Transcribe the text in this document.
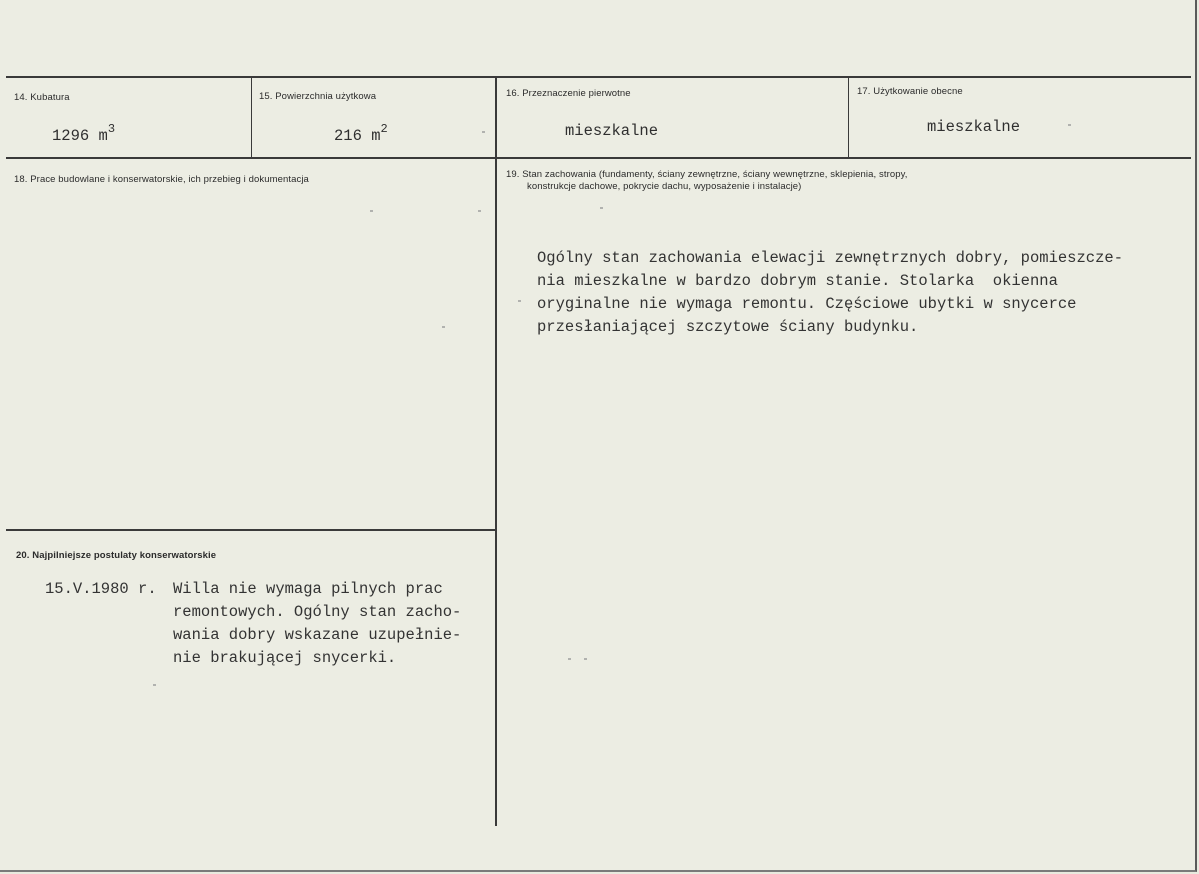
14. Kubatura
1296 $m^3$
15. Powierzchnia użytkowa
216 $m^2$
16. Przeznaczenie pierwotne
mieszkalne
17. Użytkowanie obecne
mieszkalne
18. Prace budowlane i konserwatorskie, ich przebieg i dokumentacja	19. Stan zachowania (fundamenty, ściany zewnętrzne, ściany wewnętrzne, sklepienia, stropy,
konstrukcje dachowe, pokrycie dachu, wyposażenie i instalacje)
Ogólny stan zachowania elewacji zewnętrznych dobry, pomieszcze-
nia mieszkalne w bardzo dobrym stanie. Stolarka  okienna
oryginalne nie wymaga remontu. Częściowe ubytki w snycerce
przesłaniającej szczytowe ściany budynku.
20. Najpilniejsze postulaty konserwatorskie
15.V.1980 r. Willa nie wymaga pilnych prac
remontowych. Ogólny stan zacho-
wania dobry wskazane uzupełnie-
nie brakującej snycerki.
